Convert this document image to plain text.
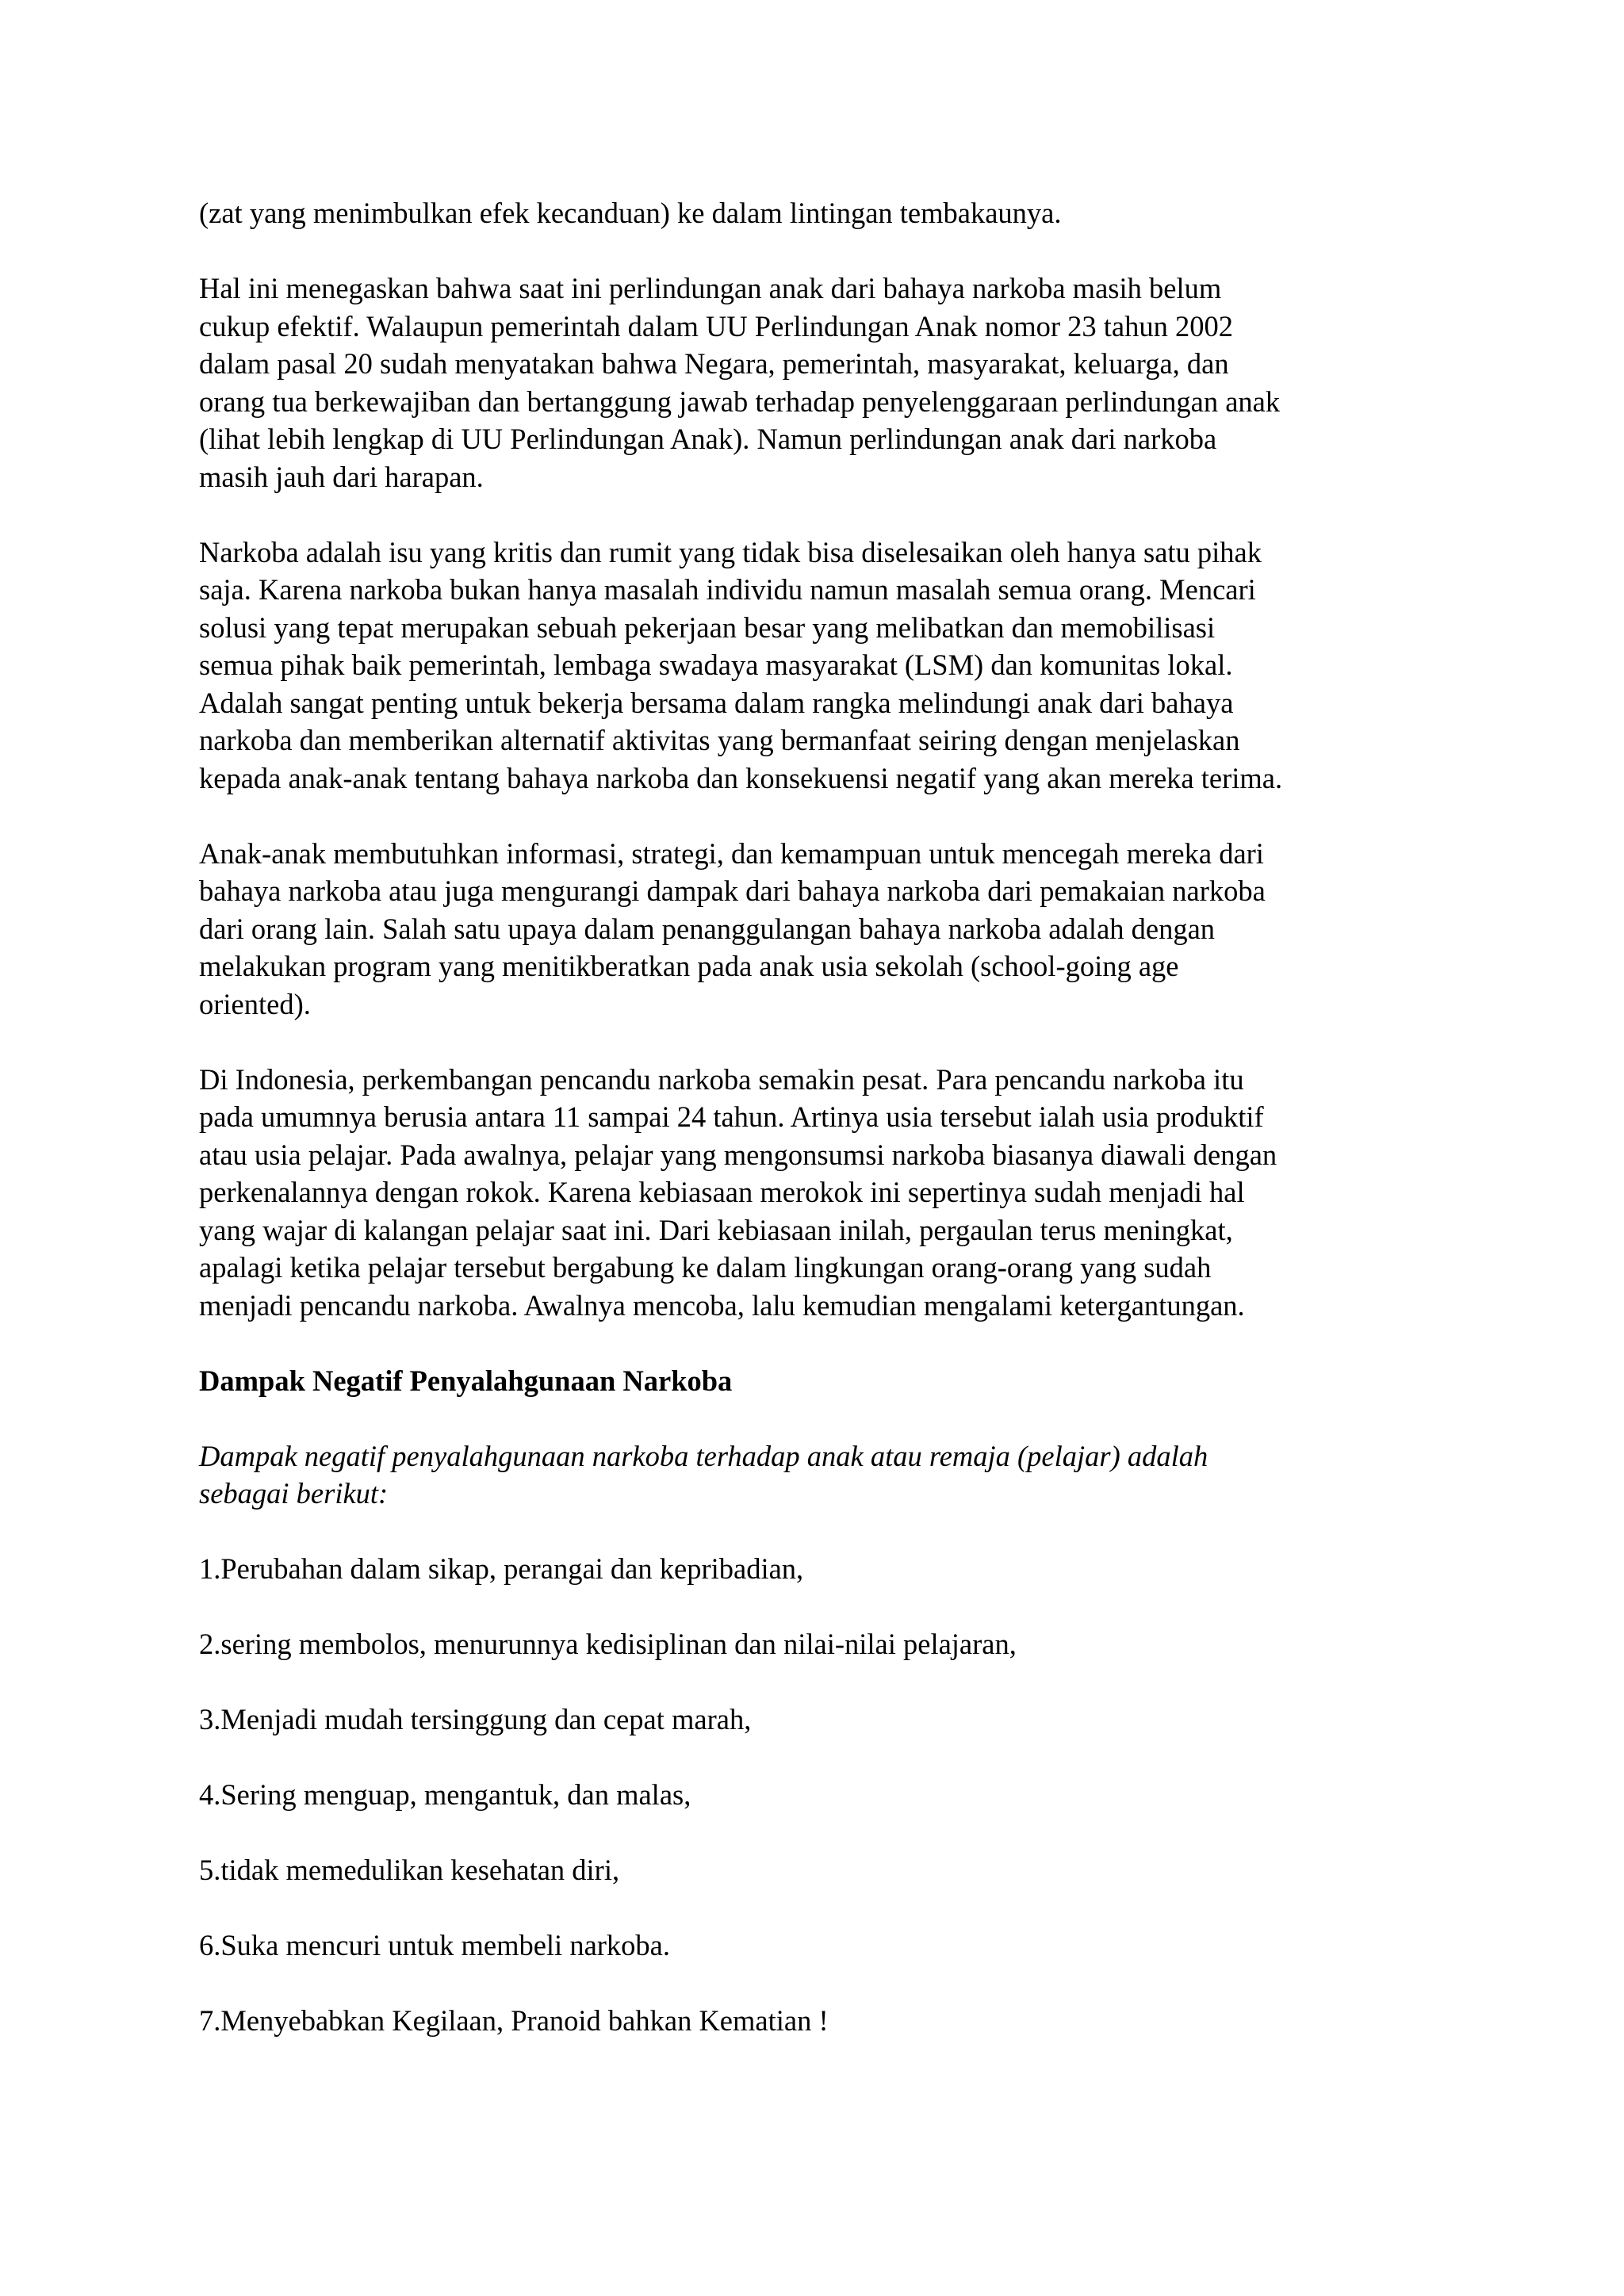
(zat yang menimbulkan efek kecanduan) ke dalam lintingan tembakaunya.
Hal ini menegaskan bahwa saat ini perlindungan anak dari bahaya narkoba masih belum
cukup efektif. Walaupun pemerintah dalam UU Perlindungan Anak nomor 23 tahun 2002
dalam pasal 20 sudah menyatakan bahwa Negara, pemerintah, masyarakat, keluarga, dan
orang tua berkewajiban dan bertanggung jawab terhadap penyelenggaraan perlindungan anak
(lihat lebih lengkap di UU Perlindungan Anak). Namun perlindungan anak dari narkoba
masih jauh dari harapan.
Narkoba adalah isu yang kritis dan rumit yang tidak bisa diselesaikan oleh hanya satu pihak
saja. Karena narkoba bukan hanya masalah individu namun masalah semua orang. Mencari
solusi yang tepat merupakan sebuah pekerjaan besar yang melibatkan dan memobilisasi
semua pihak baik pemerintah, lembaga swadaya masyarakat (LSM) dan komunitas lokal.
Adalah sangat penting untuk bekerja bersama dalam rangka melindungi anak dari bahaya
narkoba dan memberikan alternatif aktivitas yang bermanfaat seiring dengan menjelaskan
kepada anak-anak tentang bahaya narkoba dan konsekuensi negatif yang akan mereka terima.
Anak-anak membutuhkan informasi, strategi, dan kemampuan untuk mencegah mereka dari
bahaya narkoba atau juga mengurangi dampak dari bahaya narkoba dari pemakaian narkoba
dari orang lain. Salah satu upaya dalam penanggulangan bahaya narkoba adalah dengan
melakukan program yang menitikberatkan pada anak usia sekolah (school-going age
oriented).
Di Indonesia, perkembangan pencandu narkoba semakin pesat. Para pencandu narkoba itu
pada umumnya berusia antara 11 sampai 24 tahun. Artinya usia tersebut ialah usia produktif
atau usia pelajar. Pada awalnya, pelajar yang mengonsumsi narkoba biasanya diawali dengan
perkenalannya dengan rokok. Karena kebiasaan merokok ini sepertinya sudah menjadi hal
yang wajar di kalangan pelajar saat ini. Dari kebiasaan inilah, pergaulan terus meningkat,
apalagi ketika pelajar tersebut bergabung ke dalam lingkungan orang-orang yang sudah
menjadi pencandu narkoba. Awalnya mencoba, lalu kemudian mengalami ketergantungan.
Dampak Negatif Penyalahgunaan Narkoba
Dampak negatif penyalahgunaan narkoba terhadap anak atau remaja (pelajar) adalah
sebagai berikut:
1.Perubahan dalam sikap, perangai dan kepribadian,
2.sering membolos, menurunnya kedisiplinan dan nilai-nilai pelajaran,
3.Menjadi mudah tersinggung dan cepat marah,
4.Sering menguap, mengantuk, dan malas,
5.tidak memedulikan kesehatan diri,
6.Suka mencuri untuk membeli narkoba.
7.Menyebabkan Kegilaan, Pranoid bahkan Kematian !
